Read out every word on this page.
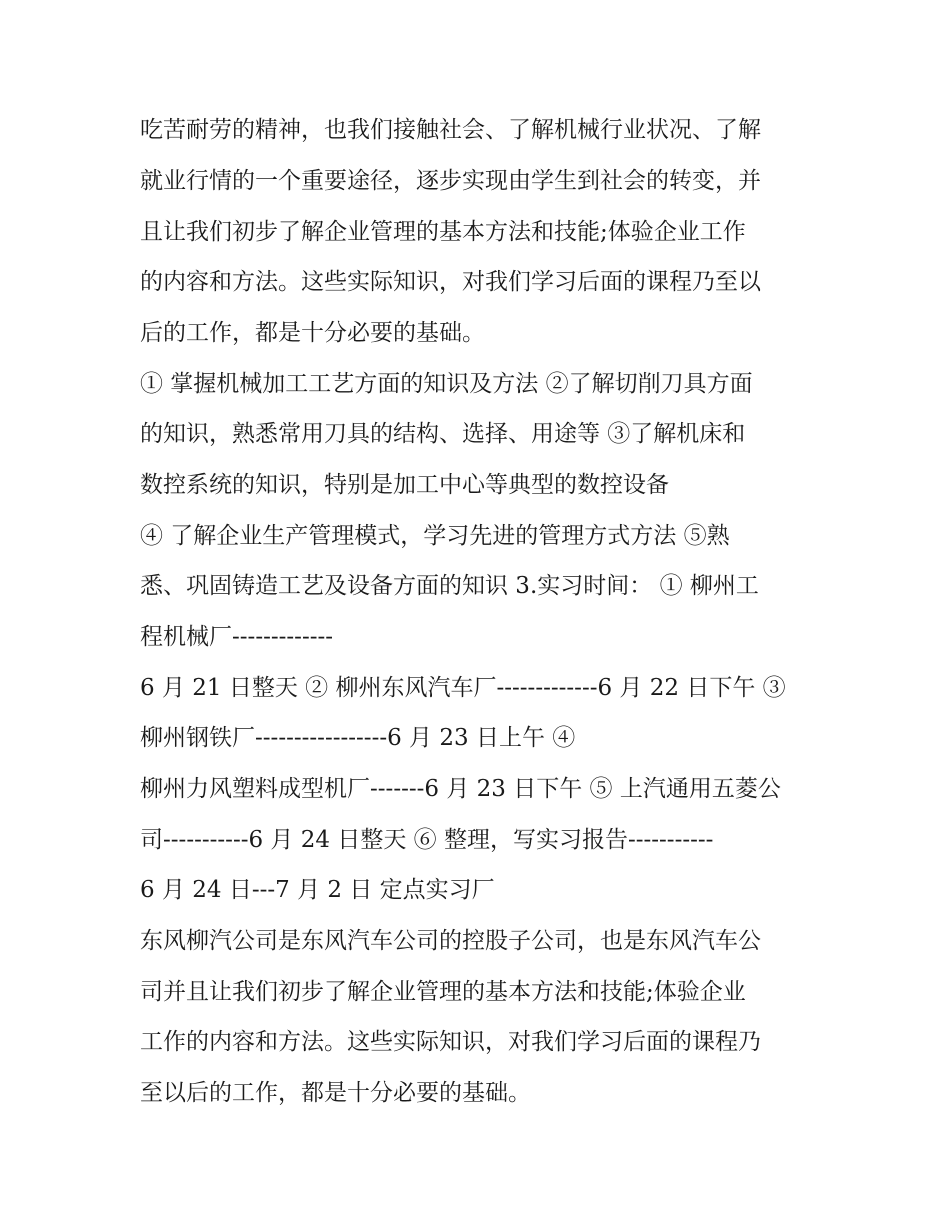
吃苦耐劳的精神，也我们接触社会、了解机械行业状况、了解

就业行情的一个重要途径，逐步实现由学生到社会的转变，并

且让我们初步了解企业管理的基本方法和技能;体验企业工作

的内容和方法。这些实际知识，对我们学习后面的课程乃至以

后的工作，都是十分必要的基础。

① 掌握机械加工工艺方面的知识及方法 ②了解切削刀具方面

的知识，熟悉常用刀具的结构、选择、用途等 ③了解机床和

数控系统的知识，特别是加工中心等典型的数控设备

④ 了解企业生产管理模式，学习先进的管理方式方法 ⑤熟

悉、巩固铸造工艺及设备方面的知识 3.实习时间： ① 柳州工

程机械厂-------------

6 月 21 日整天 ② 柳州东风汽车厂-------------6 月 22 日下午 ③

柳州钢铁厂-----------------6 月 23 日上午 ④

柳州力风塑料成型机厂-------6 月 23 日下午 ⑤ 上汽通用五菱公

司-----------6 月 24 日整天 ⑥ 整理，写实习报告-----------

6 月 24 日---7 月 2 日 定点实习厂

东风柳汽公司是东风汽车公司的控股子公司，也是东风汽车公

司并且让我们初步了解企业管理的基本方法和技能;体验企业

工作的内容和方法。这些实际知识，对我们学习后面的课程乃

至以后的工作，都是十分必要的基础。
